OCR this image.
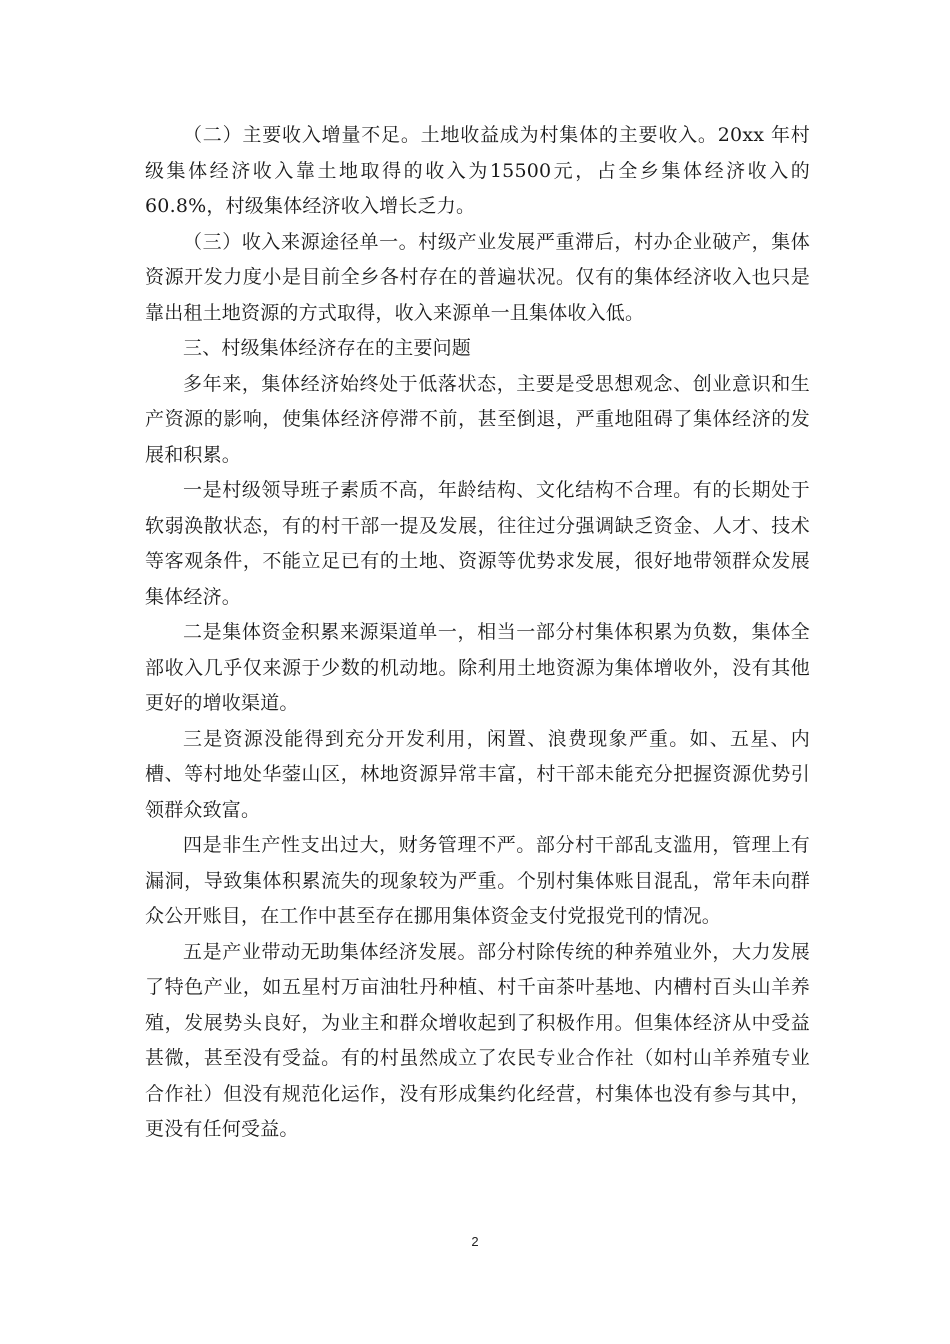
（二）主要收入增量不足。土地收益成为村集体的主要收入。20xx 年村级集体经济收入靠土地取得的收入为15500元，占全乡集体经济收入的60.8%，村级集体经济收入增长乏力。

（三）收入来源途径单一。村级产业发展严重滞后，村办企业破产，集体资源开发力度小是目前全乡各村存在的普遍状况。仅有的集体经济收入也只是靠出租土地资源的方式取得，收入来源单一且集体收入低。

三、村级集体经济存在的主要问题

多年来，集体经济始终处于低落状态，主要是受思想观念、创业意识和生产资源的影响，使集体经济停滞不前，甚至倒退，严重地阻碍了集体经济的发展和积累。

一是村级领导班子素质不高，年龄结构、文化结构不合理。有的长期处于软弱涣散状态，有的村干部一提及发展，往往过分强调缺乏资金、人才、技术等客观条件，不能立足已有的土地、资源等优势求发展，很好地带领群众发展集体经济。

二是集体资金积累来源渠道单一，相当一部分村集体积累为负数，集体全部收入几乎仅来源于少数的机动地。除利用土地资源为集体增收外，没有其他更好的增收渠道。

三是资源没能得到充分开发利用，闲置、浪费现象严重。如、五星、内槽、等村地处华蓥山区，林地资源异常丰富，村干部未能充分把握资源优势引领群众致富。

四是非生产性支出过大，财务管理不严。部分村干部乱支滥用，管理上有漏洞，导致集体积累流失的现象较为严重。个别村集体账目混乱，常年未向群众公开账目，在工作中甚至存在挪用集体资金支付党报党刊的情况。

五是产业带动无助集体经济发展。部分村除传统的种养殖业外，大力发展了特色产业，如五星村万亩油牡丹种植、村千亩茶叶基地、内槽村百头山羊养殖，发展势头良好，为业主和群众增收起到了积极作用。但集体经济从中受益甚微，甚至没有受益。有的村虽然成立了农民专业合作社（如村山羊养殖专业合作社）但没有规范化运作，没有形成集约化经营，村集体也没有参与其中，更没有任何受益。

2
